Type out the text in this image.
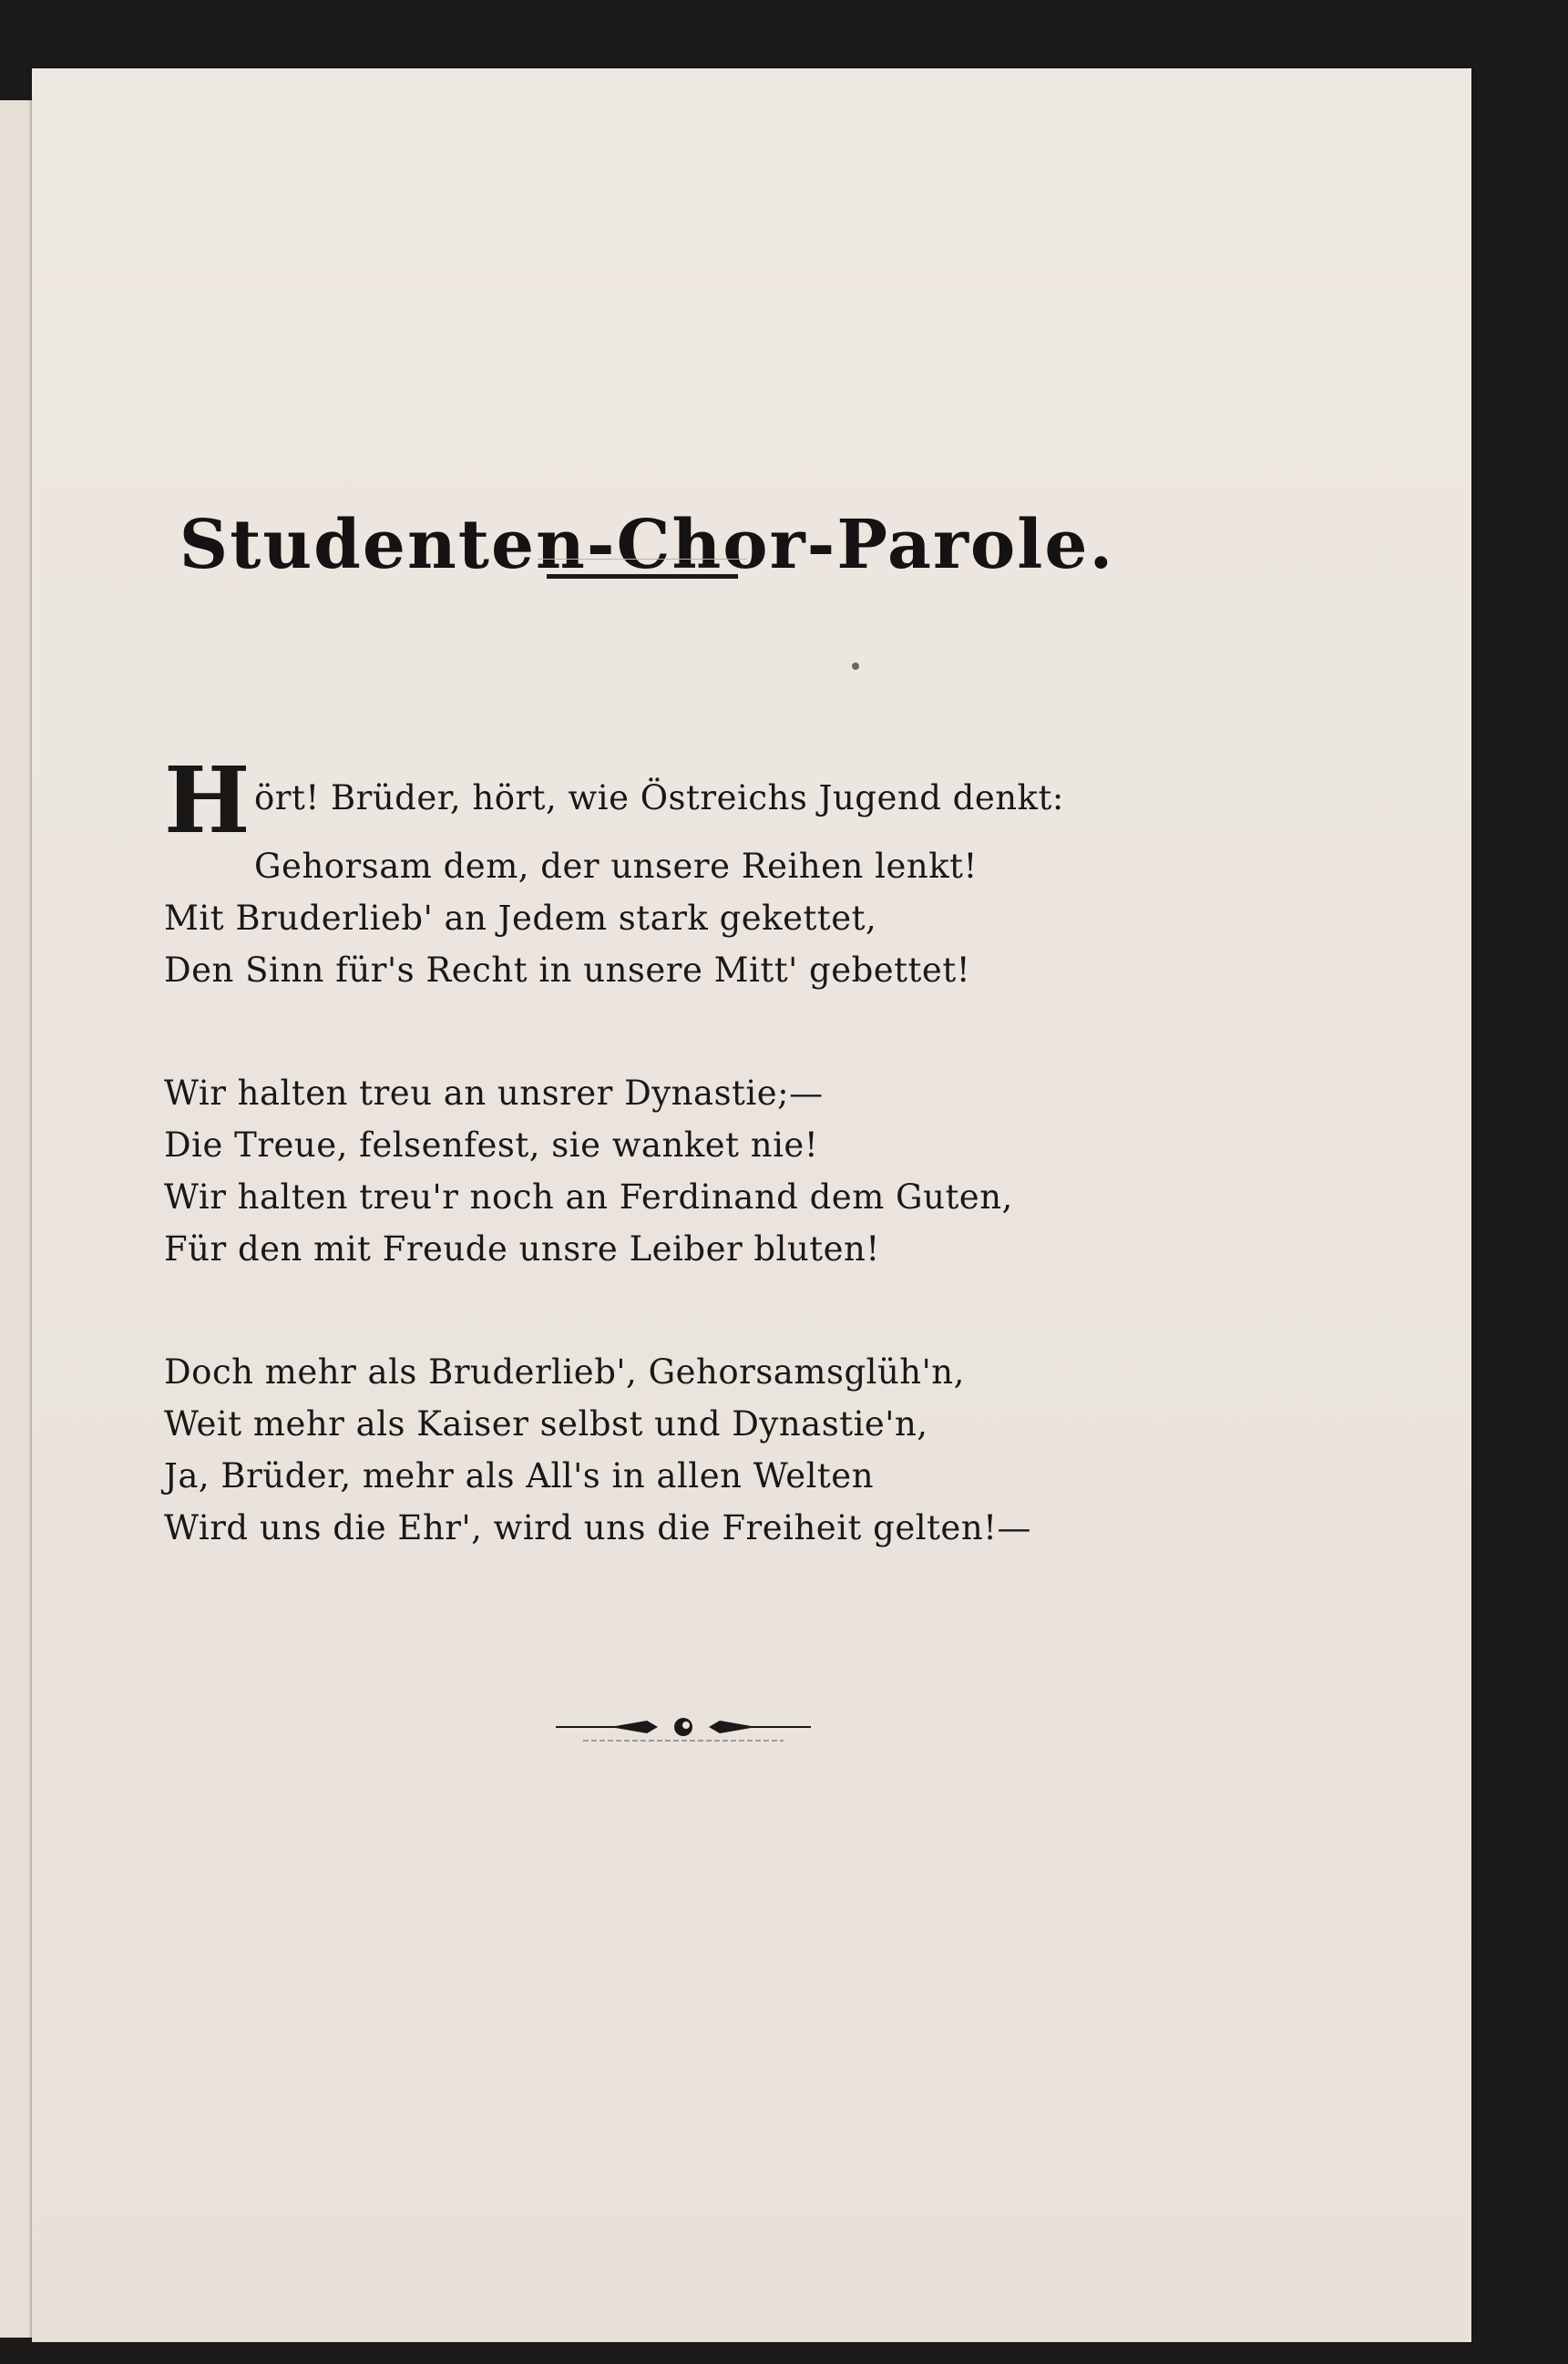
Studenten-Chor-Parole.
Hört! Brüder, hört, wie Östreichs Jugend denkt:
Gehorsam dem, der unsere Reihen lenkt!
Mit Bruderlieb' an Jedem stark gekettet,
Den Sinn für's Recht in unsere Mitt' gebettet!
Wir halten treu an unsrer Dynastie;—
Die Treue, felsenfest, sie wanket nie!
Wir halten treu'r noch an Ferdinand dem Guten,
Für den mit Freude unsre Leiber bluten!
Doch mehr als Bruderlieb', Gehorsamsglüh'n,
Weit mehr als Kaiser selbst und Dynastie'n,
Ja, Brüder, mehr als All's in allen Welten
Wird uns die Ehr', wird uns die Freiheit gelten!—
